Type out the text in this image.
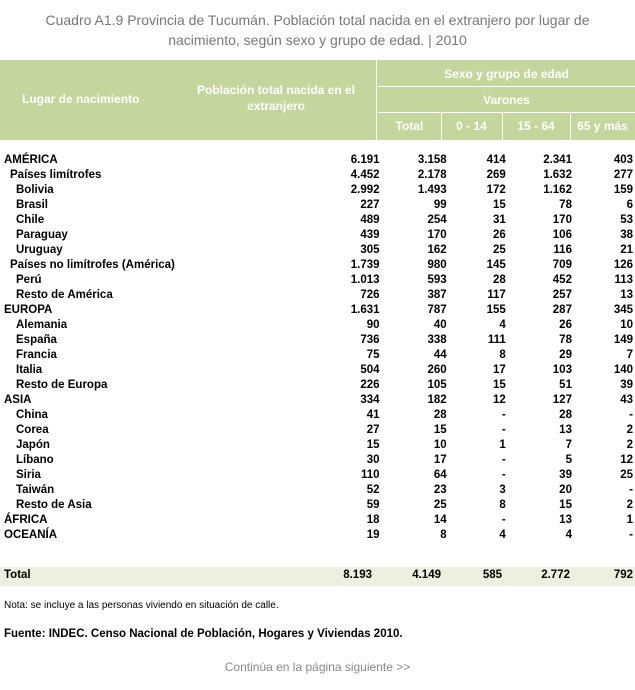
Cuadro A1.9 Provincia de Tucumán. Población total nacida en el extranjero por lugar de
nacimiento, según sexo y grupo de edad. | 2010
Lugar de nacimiento
Población total nacida en el
extranjero
Sexo y grupo de edad
Varones
Total	0 - 14	15 - 64	65 y más
AMÉRICA	6.191	3.158	414	2.341	403
Países limítrofes	4.452	2.178	269	1.632	277
Bolivia	2.992	1.493	172	1.162	159
Brasil	227	99	15	78	6
Chile	489	254	31	170	53
Paraguay	439	170	26	106	38
Uruguay	305	162	25	116	21
Países no limítrofes (América)	1.739	980	145	709	126
Perú	1.013	593	28	452	113
Resto de América	726	387	117	257	13
EUROPA	1.631	787	155	287	345
Alemania	90	40	4	26	10
España	736	338	111	78	149
Francia	75	44	8	29	7
Italia	504	260	17	103	140
Resto de Europa	226	105	15	51	39
ASIA	334	182	12	127	43
China	41	28	-	28	-
Corea	27	15	-	13	2
Japón	15	10	1	7	2
Líbano	30	17	-	5	12
Siria	110	64	-	39	25
Taiwán	52	23	3	20	-
Resto de Asia	59	25	8	15	2
ÁFRICA	18	14	-	13	1
OCEANÍA	19	8	4	4	-
Total	8.193	4.149	585	2.772	792
Nota: se incluye a las personas viviendo en situación de calle.
Fuente: INDEC. Censo Nacional de Población, Hogares y Viviendas 2010.
Continúa en la página siguiente >>
